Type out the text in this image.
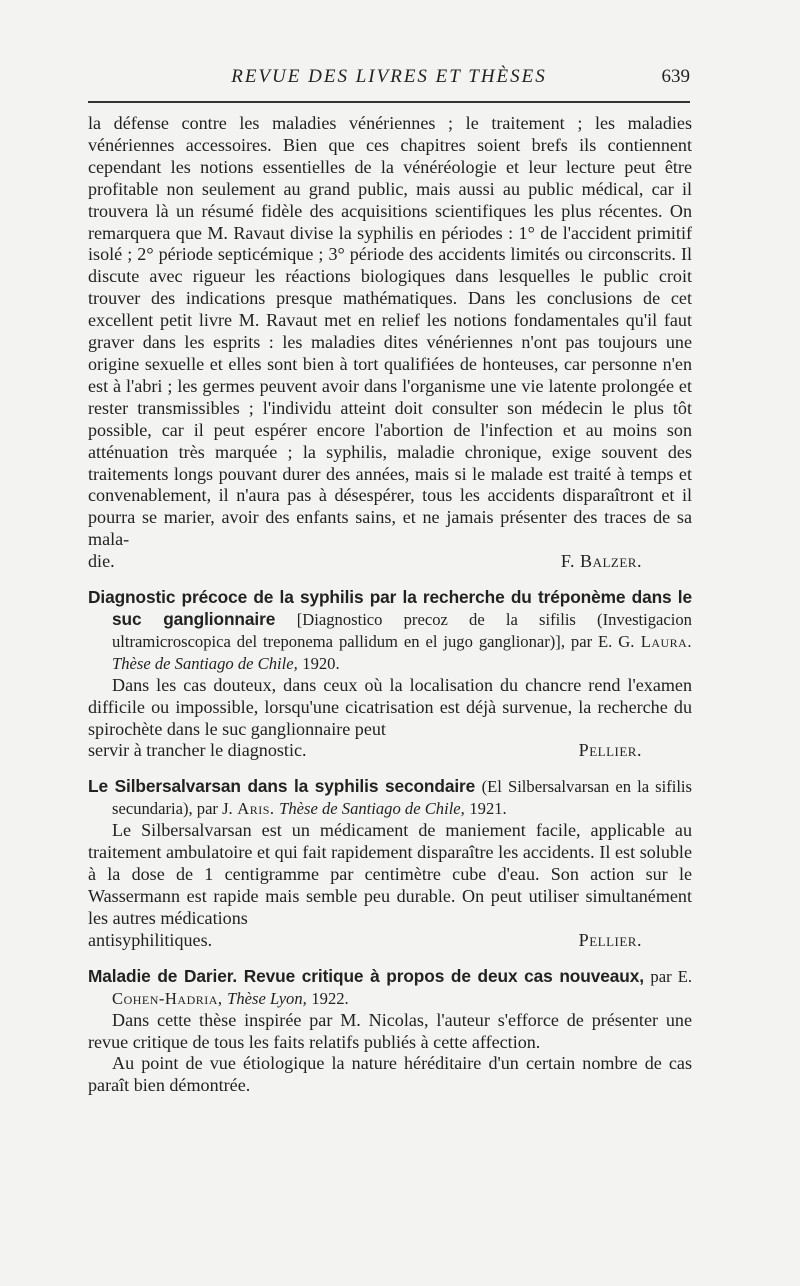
REVUE DES LIVRES ET THÈSES	639

la défense contre les maladies vénériennes ; le traitement ; les maladies vénériennes accessoires. Bien que ces chapitres soient brefs ils contiennent cependant les notions essentielles de la vénéréologie et leur lecture peut être profitable non seulement au grand public, mais aussi au public médical, car il trouvera là un résumé fidèle des acquisitions scientifiques les plus récentes. On remarquera que M. Ravaut divise la syphilis en périodes : 1° de l'accident primitif isolé ; 2° période septicémique ; 3° période des accidents limités ou circonscrits. Il discute avec rigueur les réactions biologiques dans lesquelles le public croit trouver des indications presque mathématiques. Dans les conclusions de cet excellent petit livre M. Ravaut met en relief les notions fondamentales qu'il faut graver dans les esprits : les maladies dites vénériennes n'ont pas toujours une origine sexuelle et elles sont bien à tort qualifiées de honteuses, car personne n'en est à l'abri ; les germes peuvent avoir dans l'organisme une vie latente prolongée et rester transmissibles ; l'individu atteint doit consulter son médecin le plus tôt possible, car il peut espérer encore l'abortion de l'infection et au moins son atténuation très marquée ; la syphilis, maladie chronique, exige souvent des traitements longs pouvant durer des années, mais si le malade est traité à temps et convenablement, il n'aura pas à désespérer, tous les accidents disparaîtront et il pourra se marier, avoir des enfants sains, et ne jamais présenter des traces de sa mala-

die.	F. Balzer.

Diagnostic précoce de la syphilis par la recherche du tréponème dans le suc ganglionnaire [Diagnostico precoz de la sifilis (Investigacion ultramicroscopica del treponema pallidum en el jugo ganglionar)], par E. G. Laura. Thèse de Santiago de Chile, 1920.

Dans les cas douteux, dans ceux où la localisation du chancre rend l'examen difficile ou impossible, lorsqu'une cicatrisation est déjà survenue, la recherche du spirochète dans le suc ganglionnaire peut

servir à trancher le diagnostic.	Pellier.

Le Silbersalvarsan dans la syphilis secondaire (El Silbersalvarsan en la sifilis secundaria), par J. Aris. Thèse de Santiago de Chile, 1921.

Le Silbersalvarsan est un médicament de maniement facile, applicable au traitement ambulatoire et qui fait rapidement disparaître les accidents. Il est soluble à la dose de 1 centigramme par centimètre cube d'eau. Son action sur le Wassermann est rapide mais semble peu durable. On peut utiliser simultanément les autres médications

antisyphilitiques.	Pellier.

Maladie de Darier. Revue critique à propos de deux cas nouveaux, par E. Cohen-Hadria, Thèse Lyon, 1922.

Dans cette thèse inspirée par M. Nicolas, l'auteur s'efforce de présenter une revue critique de tous les faits relatifs publiés à cette affection.

Au point de vue étiologique la nature héréditaire d'un certain nombre de cas paraît bien démontrée.
